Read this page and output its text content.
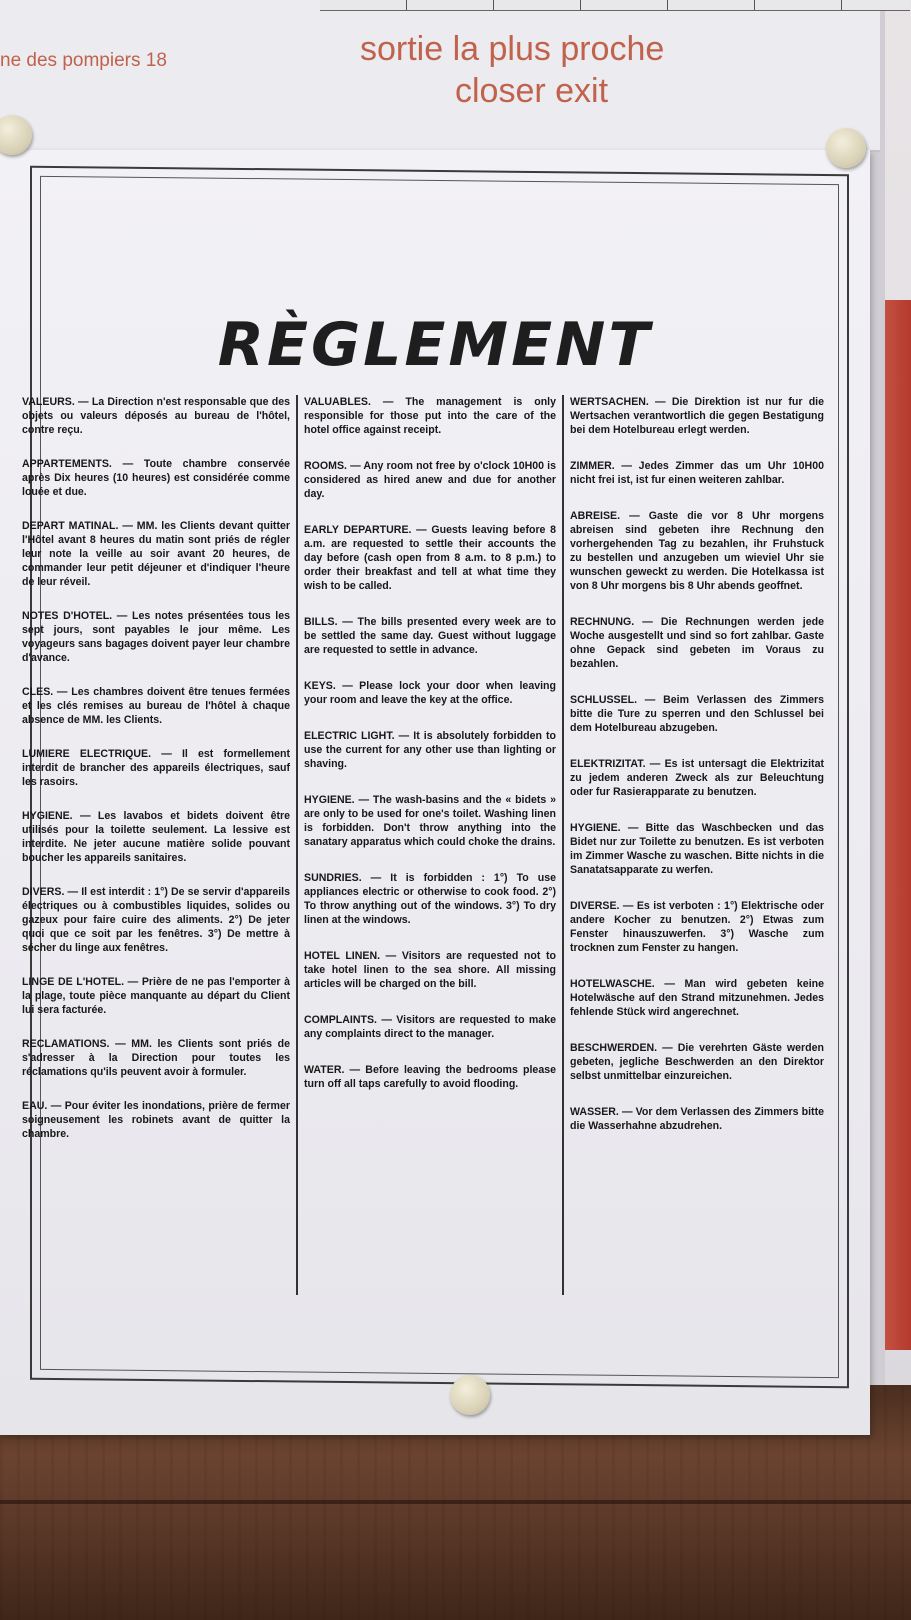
ne des pompiers 18	sortie la plus proche
closer exit
RÈGLEMENT
VALEURS. — La Direction n'est responsable que des objets ou valeurs déposés au bureau de l'hôtel, contre reçu.
APPARTEMENTS. — Toute chambre conservée après Dix heures (10 heures) est considérée comme louée et due.
DEPART MATINAL. — MM. les Clients devant quitter l'Hôtel avant 8 heures du matin sont priés de régler leur note la veille au soir avant 20 heures, de commander leur petit déjeuner et d'indiquer l'heure de leur réveil.
NOTES D'HOTEL. — Les notes présentées tous les sept jours, sont payables le jour même. Les voyageurs sans bagages doivent payer leur chambre d'avance.
CLES. — Les chambres doivent être tenues fermées et les clés remises au bureau de l'hôtel à chaque absence de MM. les Clients.
LUMIERE ELECTRIQUE. — Il est formellement interdit de brancher des appareils électriques, sauf les rasoirs.
HYGIENE. — Les lavabos et bidets doivent être utilisés pour la toilette seulement. La lessive est interdite. Ne jeter aucune matière solide pouvant boucher les appareils sanitaires.
DIVERS. — Il est interdit : 1°) De se servir d'appareils électriques ou à combustibles liquides, solides ou gazeux pour faire cuire des aliments. 2°) De jeter quoi que ce soit par les fenêtres. 3°) De mettre à sécher du linge aux fenêtres.
LINGE DE L'HOTEL. — Prière de ne pas l'emporter à la plage, toute pièce manquante au départ du Client lui sera facturée.
RECLAMATIONS. — MM. les Clients sont priés de s'adresser à la Direction pour toutes les réclamations qu'ils peuvent avoir à formuler.
EAU. — Pour éviter les inondations, prière de fermer soigneusement les robinets avant de quitter la chambre.
VALUABLES. — The management is only responsible for those put into the care of the hotel office against receipt.
ROOMS. — Any room not free by o'clock 10H00 is considered as hired anew and due for another day.
EARLY DEPARTURE. — Guests leaving before 8 a.m. are requested to settle their accounts the day before (cash open from 8 a.m. to 8 p.m.) to order their breakfast and tell at what time they wish to be called.
BILLS. — The bills presented every week are to be settled the same day. Guest without luggage are requested to settle in advance.
KEYS. — Please lock your door when leaving your room and leave the key at the office.
ELECTRIC LIGHT. — It is absolutely forbidden to use the current for any other use than lighting or shaving.
HYGIENE. — The wash-basins and the « bidets » are only to be used for one's toilet. Washing linen is forbidden. Don't throw anything into the sanatary apparatus which could choke the drains.
SUNDRIES. — It is forbidden : 1°) To use appliances electric or otherwise to cook food. 2°) To throw anything out of the windows. 3°) To dry linen at the windows.
HOTEL LINEN. — Visitors are requested not to take hotel linen to the sea shore. All missing articles will be charged on the bill.
COMPLAINTS. — Visitors are requested to make any complaints direct to the manager.
WATER. — Before leaving the bedrooms please turn off all taps carefully to avoid flooding.
WERTSACHEN. — Die Direktion ist nur fur die Wertsachen verantwortlich die gegen Bestatigung bei dem Hotelbureau erlegt werden.
ZIMMER. — Jedes Zimmer das um Uhr 10H00 nicht frei ist, ist fur einen weiteren zahlbar.
ABREISE. — Gaste die vor 8 Uhr morgens abreisen sind gebeten ihre Rechnung den vorhergehenden Tag zu bezahlen, ihr Fruhstuck zu bestellen und anzugeben um wieviel Uhr sie wunschen geweckt zu werden. Die Hotelkassa ist von 8 Uhr morgens bis 8 Uhr abends geoffnet.
RECHNUNG. — Die Rechnungen werden jede Woche ausgestellt und sind so fort zahlbar. Gaste ohne Gepack sind gebeten im Voraus zu bezahlen.
SCHLUSSEL. — Beim Verlassen des Zimmers bitte die Ture zu sperren und den Schlussel bei dem Hotelbureau abzugeben.
ELEKTRIZITAT. — Es ist untersagt die Elektrizitat zu jedem anderen Zweck als zur Beleuchtung oder fur Rasierapparate zu benutzen.
HYGIENE. — Bitte das Waschbecken und das Bidet nur zur Toilette zu benutzen. Es ist verboten im Zimmer Wasche zu waschen. Bitte nichts in die Sanatatsapparate zu werfen.
DIVERSE. — Es ist verboten : 1°) Elektrische oder andere Kocher zu benutzen. 2°) Etwas zum Fenster hinauszuwerfen. 3°) Wasche zum trocknen zum Fenster zu hangen.
HOTELWASCHE. — Man wird gebeten keine Hotelwäsche auf den Strand mitzunehmen. Jedes fehlende Stück wird angerechnet.
BESCHWERDEN. — Die verehrten Gäste werden gebeten, jegliche Beschwerden an den Direktor selbst unmittelbar einzureichen.
WASSER. — Vor dem Verlassen des Zimmers bitte die Wasserhahne abzudrehen.
